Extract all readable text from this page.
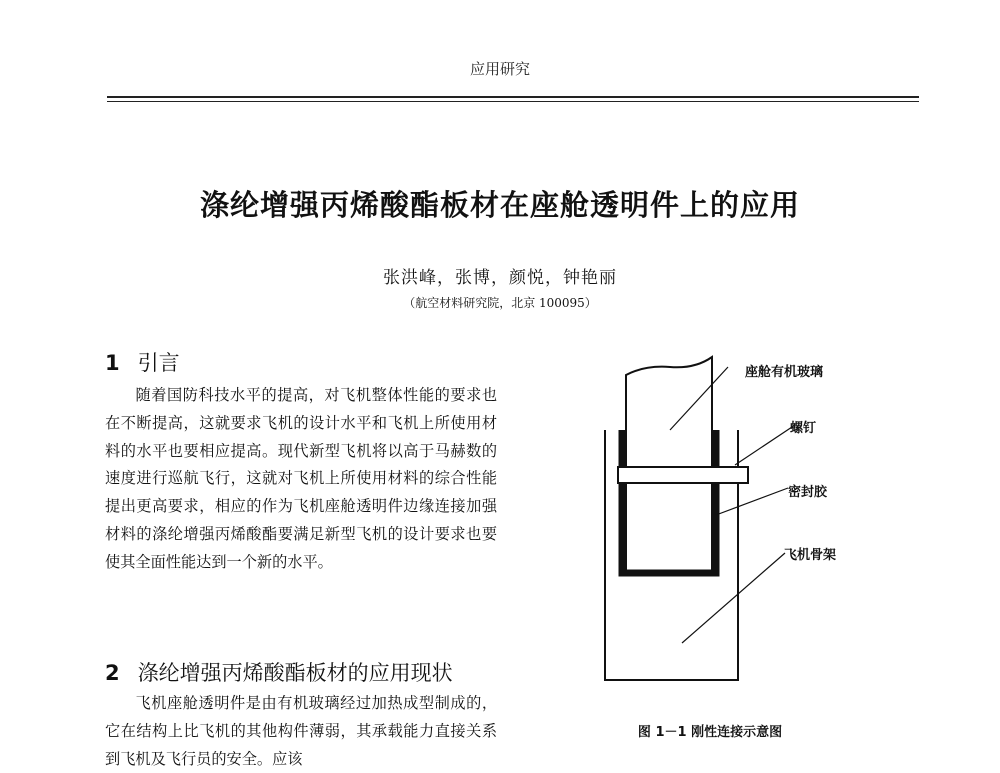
应用研究
涤纶增强丙烯酸酯板材在座舱透明件上的应用
张洪峰，张博，颜悦，钟艳丽
（航空材料研究院，北京 100095）
1 引言

随着国防科技水平的提高，对飞机整体性能的要求也在不断提高，这就要求飞机的设计水平和飞机上所使用材料的水平也要相应提高。现代新型飞机将以高于马赫数的速度进行巡航飞行，这就对飞机上所使用材料的综合性能提出更高要求，相应的作为飞机座舱透明件边缘连接加强材料的涤纶增强丙烯酸酯要满足新型飞机的设计要求也要使其全面性能达到一个新的水平。

2 涤纶增强丙烯酸酯板材的应用现状

飞机座舱透明件是由有机玻璃经过加热成型制成的，它在结构上比飞机的其他构件薄弱，其承载能力直接关系到飞机及飞行员的安全。应该

座舱有机玻璃
螺钉
密封胶
飞机骨架
图 1－1 刚性连接示意图
